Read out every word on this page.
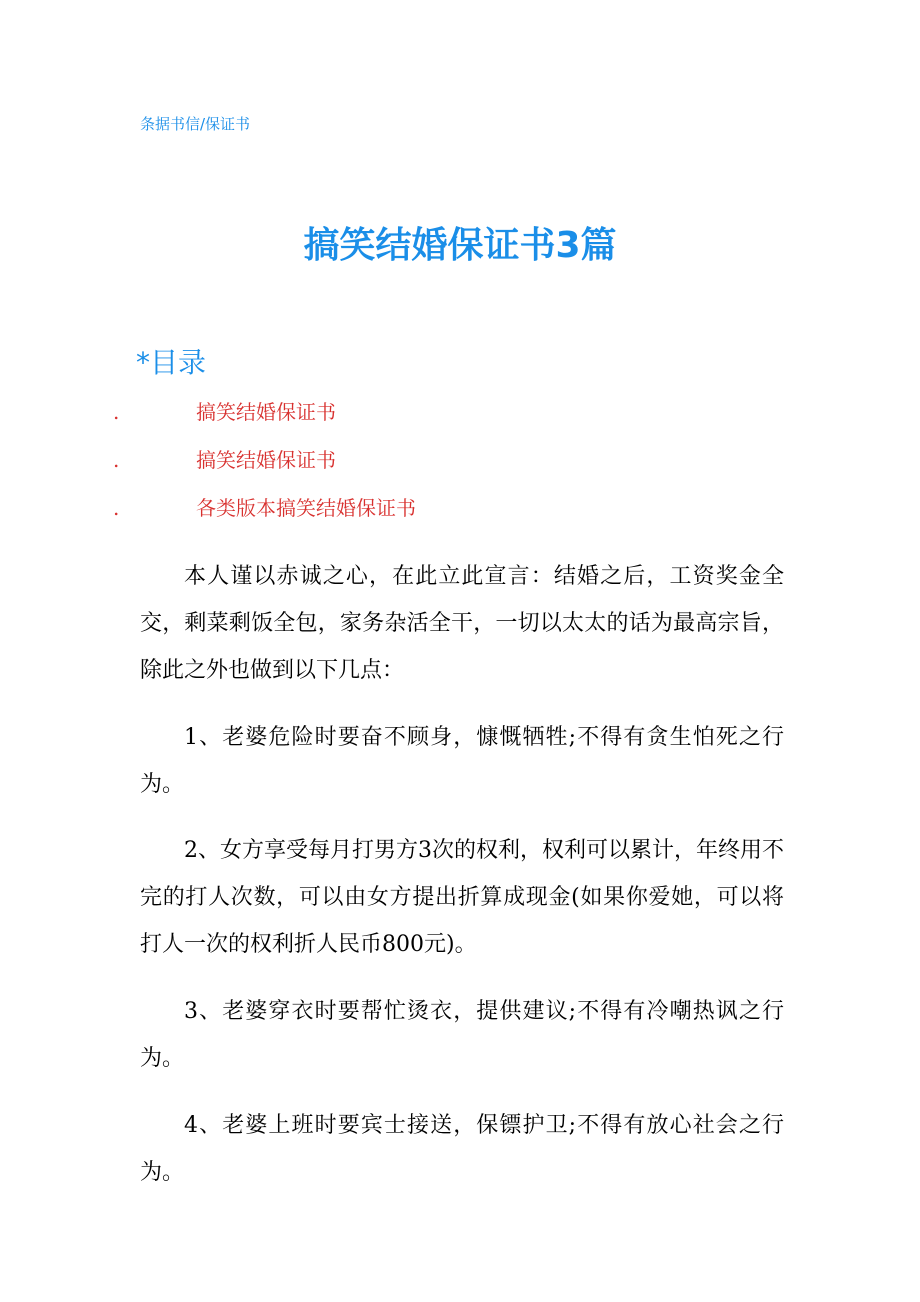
条据书信/保证书
搞笑结婚保证书3篇
*目录
.	搞笑结婚保证书
.	搞笑结婚保证书
.	各类版本搞笑结婚保证书

本人谨以赤诚之心，在此立此宣言：结婚之后，工资奖金全交，剩菜剩饭全包，家务杂活全干，一切以太太的话为最高宗旨，除此之外也做到以下几点：

1、老婆危险时要奋不顾身，慷慨牺牲;不得有贪生怕死之行为。

2、女方享受每月打男方3次的权利，权利可以累计，年终用不完的打人次数，可以由女方提出折算成现金(如果你爱她，可以将打人一次的权利折人民币800元)。

3、老婆穿衣时要帮忙烫衣，提供建议;不得有冷嘲热讽之行为。

4、老婆上班时要宾士接送，保镖护卫;不得有放心社会之行为。
